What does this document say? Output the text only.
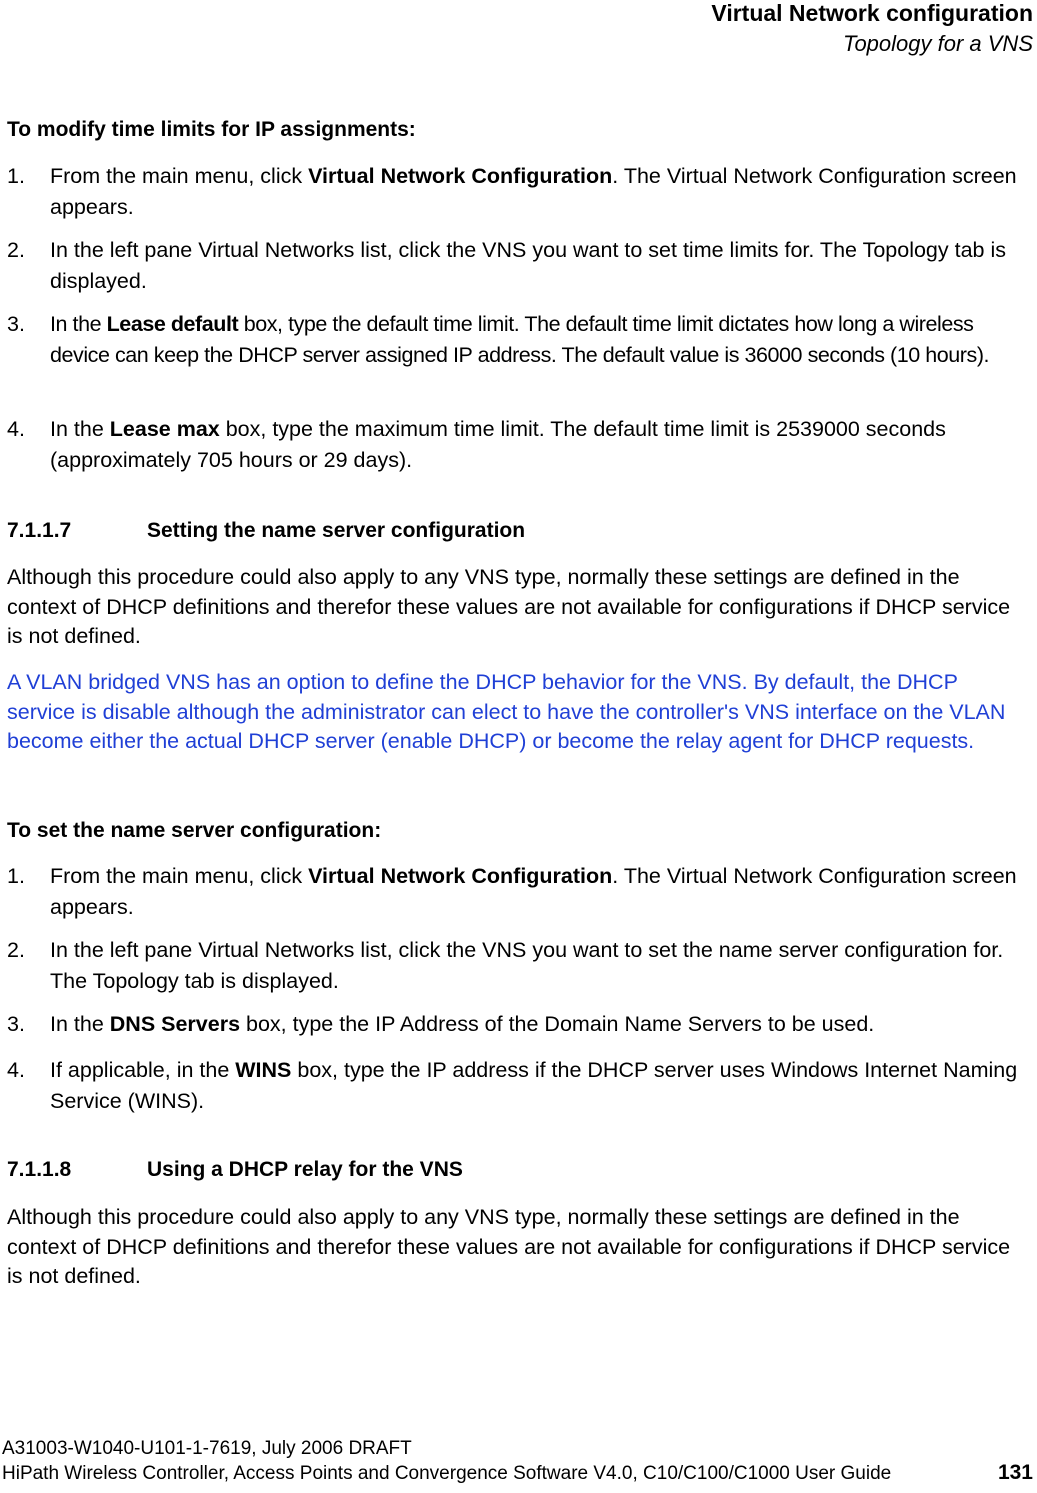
Virtual Network configuration
Topology for a VNS
To modify time limits for IP assignments:
1.	From the main menu, click Virtual Network Configuration. The Virtual Network Configuration screen appears.
2.	In the left pane Virtual Networks list, click the VNS you want to set time limits for. The Topology tab is displayed.
3.	In the Lease default box, type the default time limit. The default time limit dictates how long a wireless device can keep the DHCP server assigned IP address. The default value is 36000 seconds (10 hours).
4.	In the Lease max box, type the maximum time limit. The default time limit is 2539000 seconds (approximately 705 hours or 29 days).
7.1.1.7	Setting the name server configuration
Although this procedure could also apply to any VNS type, normally these settings are defined in the context of DHCP definitions and therefor these values are not available for configurations if DHCP service is not defined.
A VLAN bridged VNS has an option to define the DHCP behavior for the VNS. By default, the DHCP service is disable although the administrator can elect to have the controller's VNS interface on the VLAN become either the actual DHCP server (enable DHCP) or become the relay agent for DHCP requests.
To set the name server configuration:
1.	From the main menu, click Virtual Network Configuration. The Virtual Network Configuration screen appears.
2.	In the left pane Virtual Networks list, click the VNS you want to set the name server configuration for. The Topology tab is displayed.
3.	In the DNS Servers box, type the IP Address of the Domain Name Servers to be used.
4.	If applicable, in the WINS box, type the IP address if the DHCP server uses Windows Internet Naming Service (WINS).
7.1.1.8	Using a DHCP relay for the VNS
Although this procedure could also apply to any VNS type, normally these settings are defined in the context of DHCP definitions and therefor these values are not available for configurations if DHCP service is not defined.
A31003-W1040-U101-1-7619, July 2006 DRAFT
HiPath Wireless Controller, Access Points and Convergence Software V4.0, C10/C100/C1000 User Guide	131
